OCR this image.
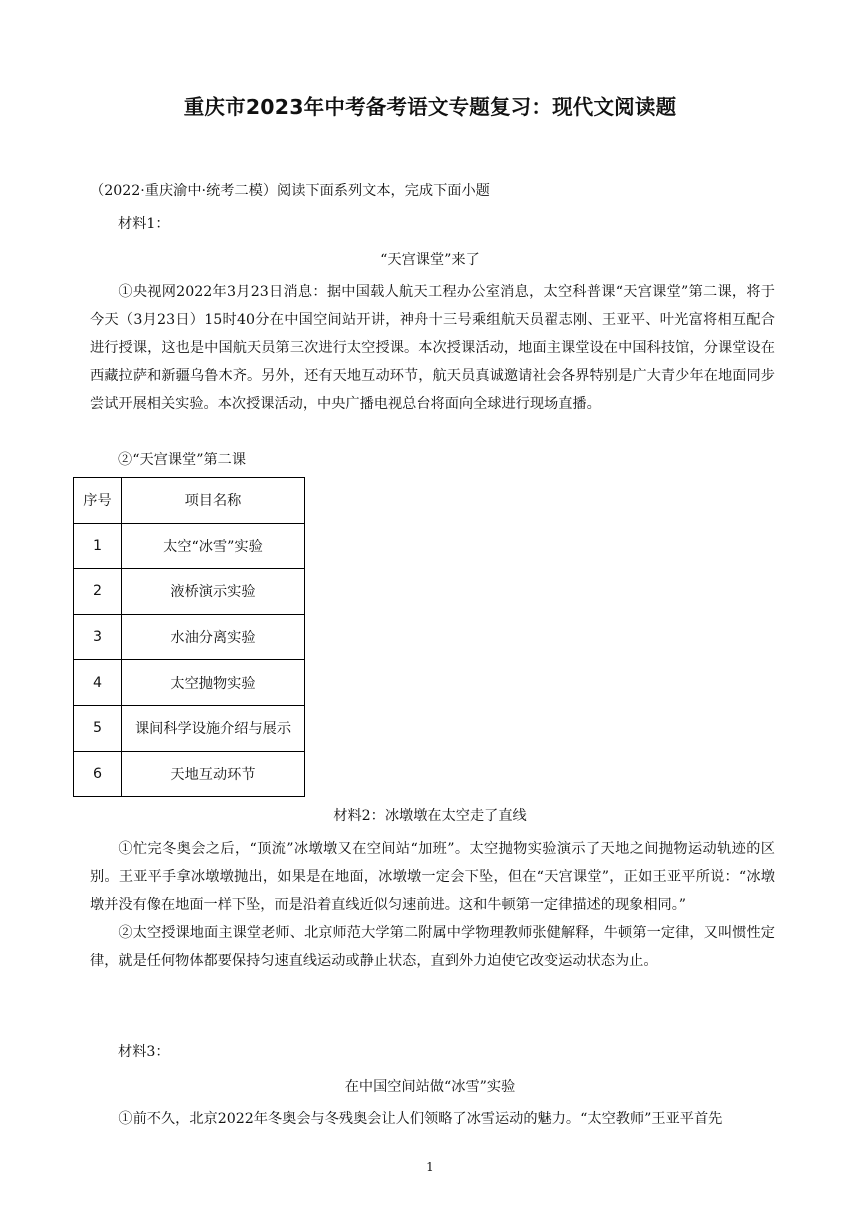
重庆市2023年中考备考语文专题复习：现代文阅读题
（2022·重庆渝中·统考二模）阅读下面系列文本，完成下面小题
材料1：
“天宫课堂”来了

①央视网2022年3月23日消息：据中国载人航天工程办公室消息，太空科普课“天宫课堂”第二课，将于今天（3月23日）15时40分在中国空间站开讲，神舟十三号乘组航天员翟志刚、王亚平、叶光富将相互配合进行授课，这也是中国航天员第三次进行太空授课。本次授课活动，地面主课堂设在中国科技馆，分课堂设在西藏拉萨和新疆乌鲁木齐。另外，还有天地互动环节，航天员真诚邀请社会各界特别是广大青少年在地面同步尝试开展相关实验。本次授课活动，中央广播电视总台将面向全球进行现场直播。

②“天宫课堂”第二课
序号	项目名称
1	太空“冰雪”实验
2	液桥演示实验
3	水油分离实验
4	太空抛物实验
5	课间科学设施介绍与展示
6	天地互动环节
材料2：冰墩墩在太空走了直线

①忙完冬奥会之后，“顶流”冰墩墩又在空间站“加班”。太空抛物实验演示了天地之间抛物运动轨迹的区别。王亚平手拿冰墩墩抛出，如果是在地面，冰墩墩一定会下坠，但在“天宫课堂”，正如王亚平所说：“冰墩墩并没有像在地面一样下坠，而是沿着直线近似匀速前进。这和牛顿第一定律描述的现象相同。”

②太空授课地面主课堂老师、北京师范大学第二附属中学物理教师张健解释，牛顿第一定律，又叫惯性定律，就是任何物体都要保持匀速直线运动或静止状态，直到外力迫使它改变运动状态为止。

材料3：
在中国空间站做“冰雪”实验

①前不久，北京2022年冬奥会与冬残奥会让人们领略了冰雪运动的魅力。“太空教师”王亚平首先

1
